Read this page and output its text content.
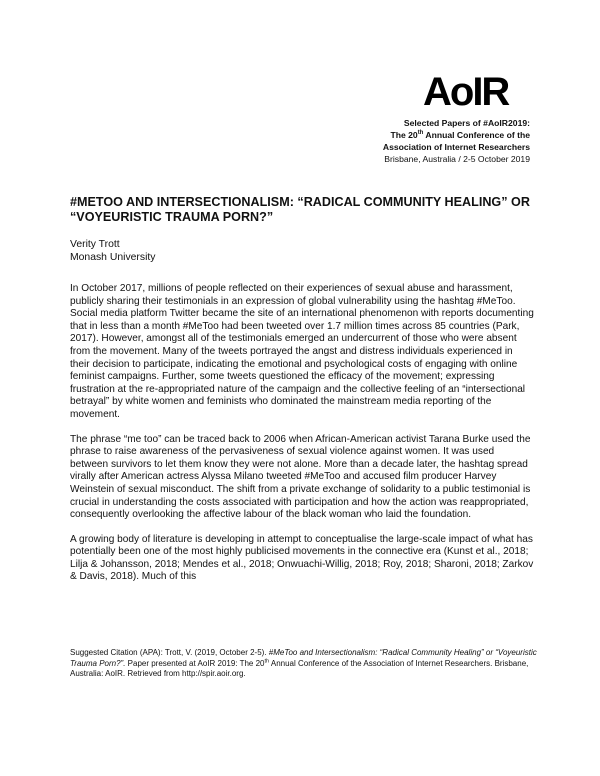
AoIR
Selected Papers of #AoIR2019:
The 20th Annual Conference of the
Association of Internet Researchers
Brisbane, Australia / 2-5 October 2019
#METOO AND INTERSECTIONALISM: “RADICAL COMMUNITY HEALING” OR “VOYEURISTIC TRAUMA PORN?”
Verity Trott
Monash University

In October 2017, millions of people reflected on their experiences of sexual abuse and harassment, publicly sharing their testimonials in an expression of global vulnerability using the hashtag #MeToo. Social media platform Twitter became the site of an international phenomenon with reports documenting that in less than a month #MeToo had been tweeted over 1.7 million times across 85 countries (Park, 2017). However, amongst all of the testimonials emerged an undercurrent of those who were absent from the movement. Many of the tweets portrayed the angst and distress individuals experienced in their decision to participate, indicating the emotional and psychological costs of engaging with online feminist campaigns. Further, some tweets questioned the efficacy of the movement; expressing frustration at the re-appropriated nature of the campaign and the collective feeling of an “intersectional betrayal” by white women and feminists who dominated the mainstream media reporting of the movement.

The phrase “me too” can be traced back to 2006 when African-American activist Tarana Burke used the phrase to raise awareness of the pervasiveness of sexual violence against women. It was used between survivors to let them know they were not alone. More than a decade later, the hashtag spread virally after American actress Alyssa Milano tweeted #MeToo and accused film producer Harvey Weinstein of sexual misconduct. The shift from a private exchange of solidarity to a public testimonial is crucial in understanding the costs associated with participation and how the action was reappropriated, consequently overlooking the affective labour of the black woman who laid the foundation.

A growing body of literature is developing in attempt to conceptualise the large-scale impact of what has potentially been one of the most highly publicised movements in the connective era (Kunst et al., 2018; Lilja & Johansson, 2018; Mendes et al., 2018; Onwuachi-Willig, 2018; Roy, 2018; Sharoni, 2018; Zarkov & Davis, 2018). Much of this

Suggested Citation (APA): Trott, V. (2019, October 2-5). #MeToo and Intersectionalism: “Radical Community Healing” or “Voyeuristic Trauma Porn?”. Paper presented at AoIR 2019: The 20th Annual Conference of the Association of Internet Researchers. Brisbane, Australia: AoIR. Retrieved from http://spir.aoir.org.
